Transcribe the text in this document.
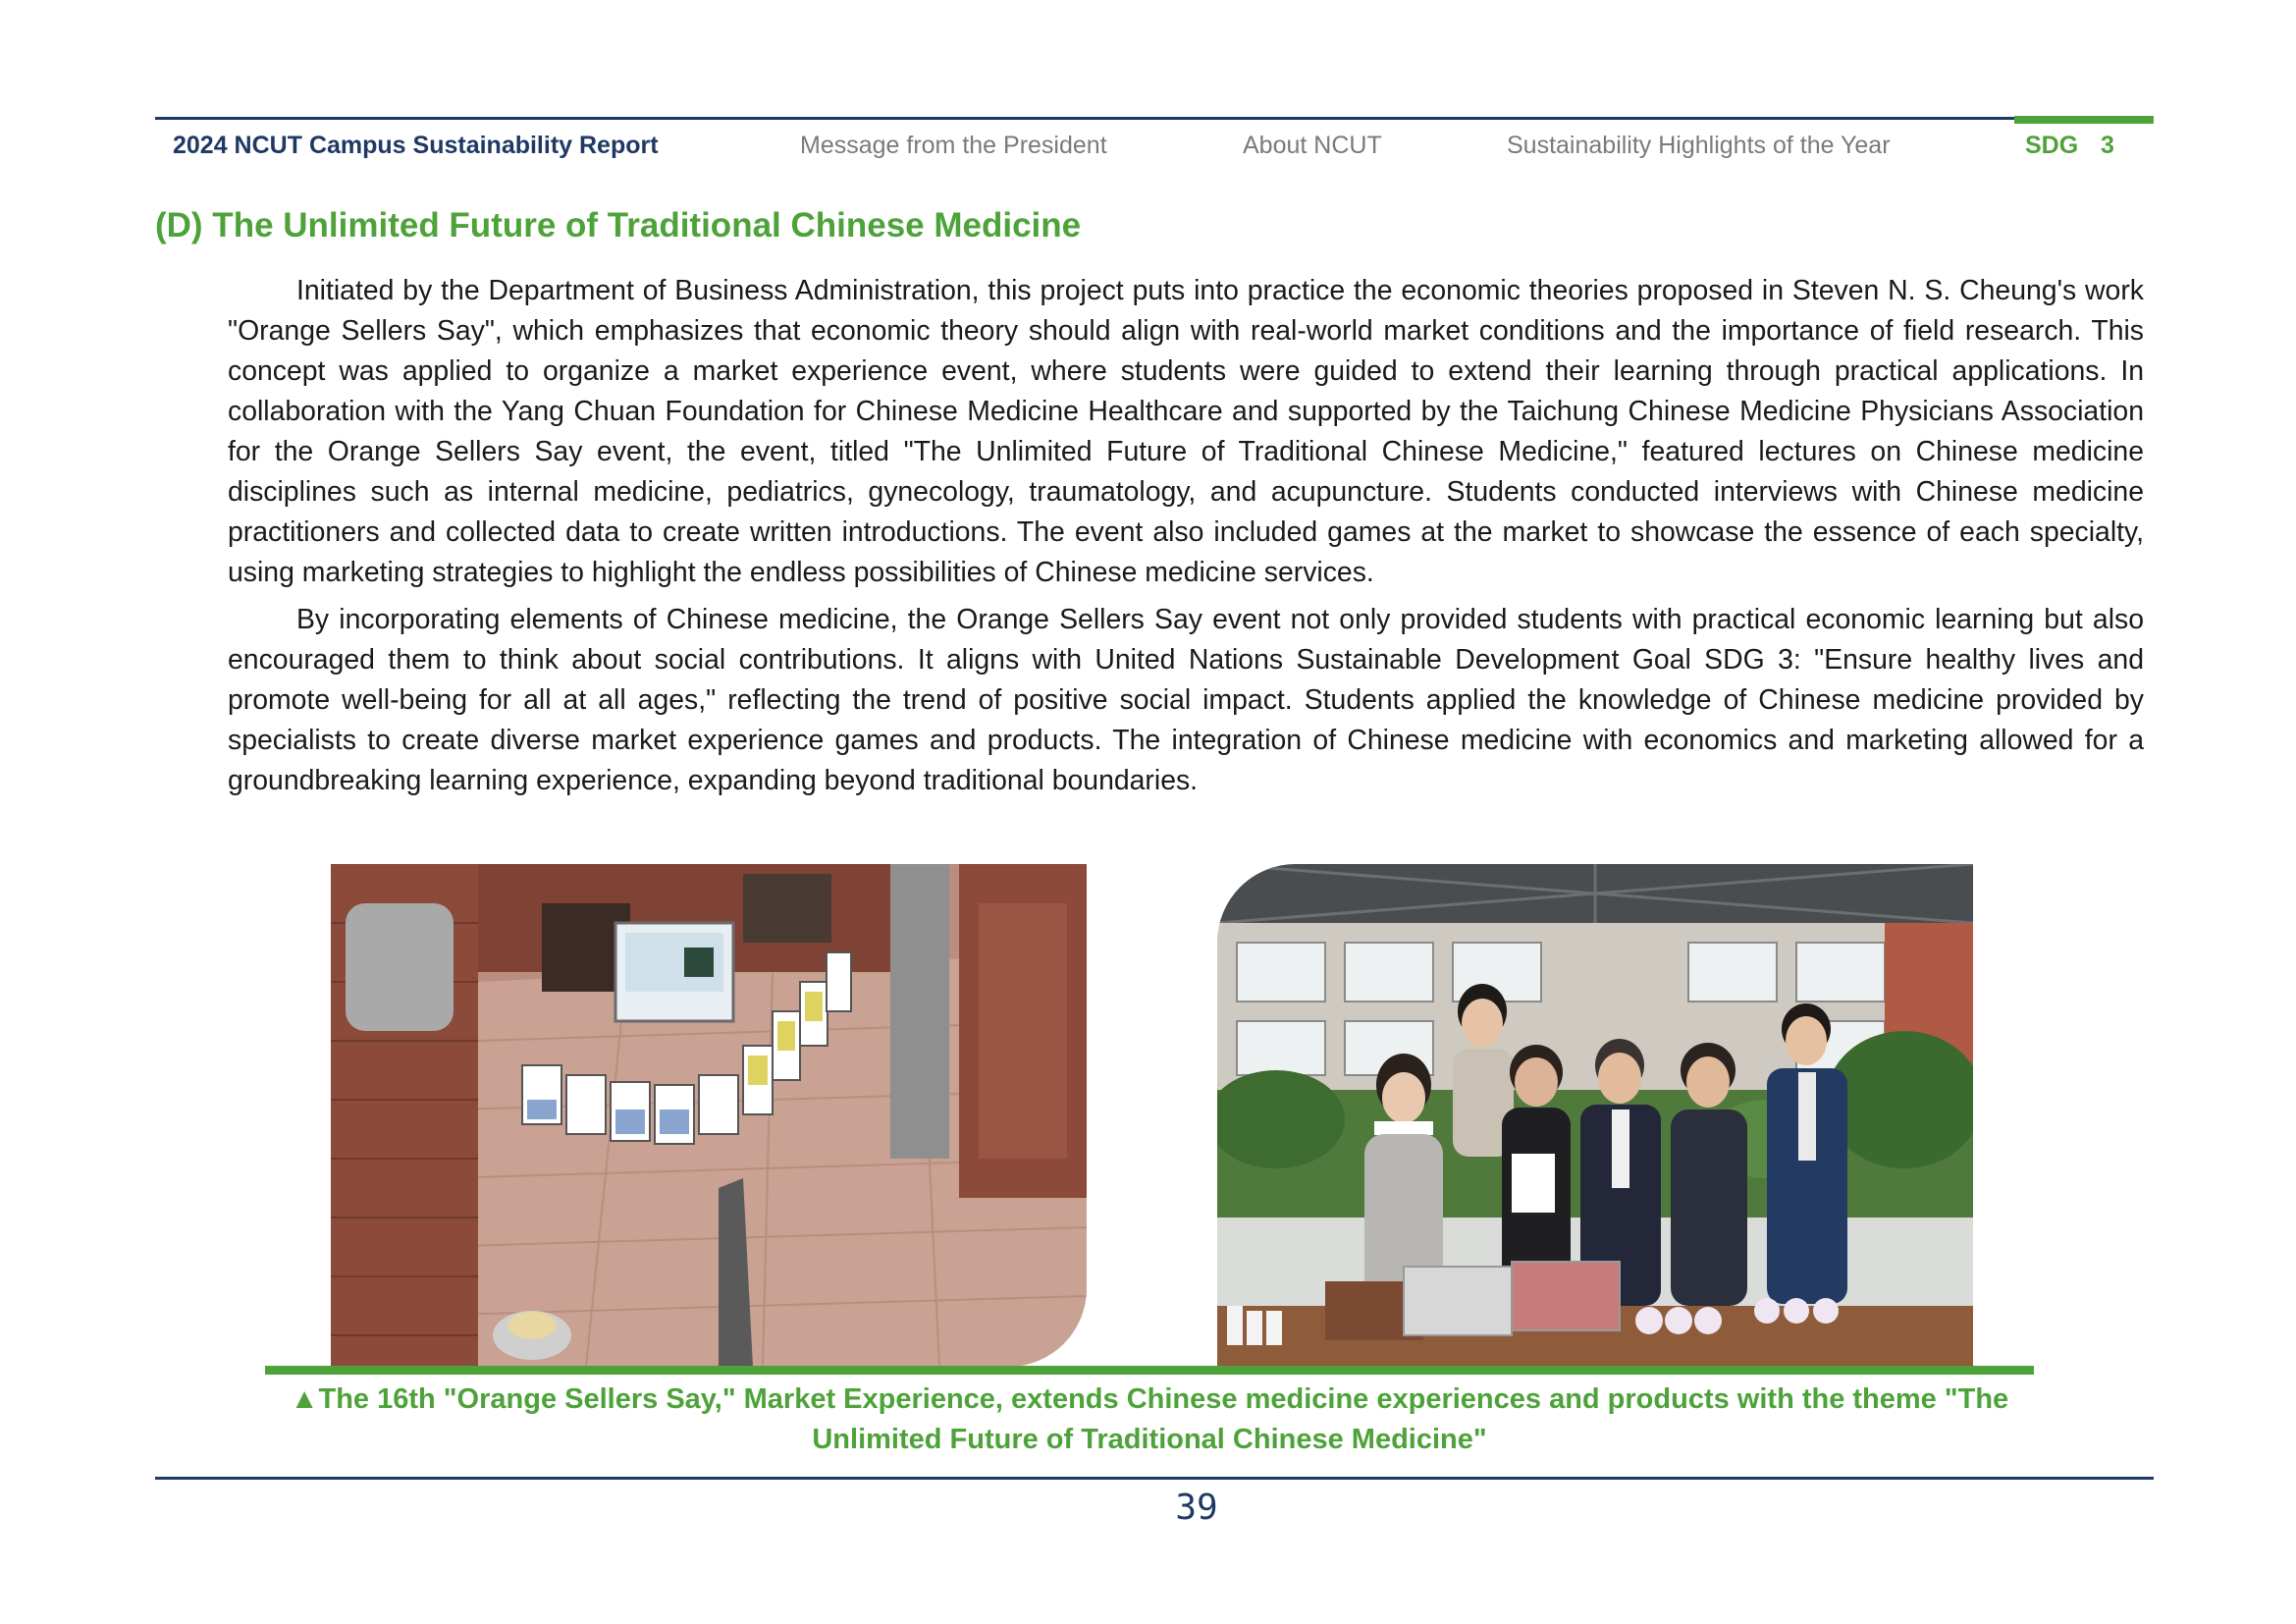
2024 NCUT Campus Sustainability Report	Message from the President	About NCUT	Sustainability Highlights of the Year	SDG 3
(D) The Unlimited Future of Traditional Chinese Medicine

Initiated by the Department of Business Administration, this project puts into practice the economic theories proposed in Steven N. S. Cheung's work "Orange Sellers Say", which emphasizes that economic theory should align with real-world market conditions and the importance of field research. This concept was applied to organize a market experience event, where students were guided to extend their learning through practical applications. In collaboration with the Yang Chuan Foundation for Chinese Medicine Healthcare and supported by the Taichung Chinese Medicine Physicians Association for the Orange Sellers Say event, the event, titled "The Unlimited Future of Traditional Chinese Medicine," featured lectures on Chinese medicine disciplines such as internal medicine, pediatrics, gynecology, traumatology, and acupuncture. Students conducted interviews with Chinese medicine practitioners and collected data to create written introductions. The event also included games at the market to showcase the essence of each specialty, using marketing strategies to highlight the endless possibilities of Chinese medicine services.

By incorporating elements of Chinese medicine, the Orange Sellers Say event not only provided students with practical economic learning but also encouraged them to think about social contributions. It aligns with United Nations Sustainable Development Goal SDG 3: "Ensure healthy lives and promote well-being for all at all ages," reflecting the trend of positive social impact. Students applied the knowledge of Chinese medicine provided by specialists to create diverse market experience games and products. The integration of Chinese medicine with economics and marketing allowed for a groundbreaking learning experience, expanding beyond traditional boundaries.

▲The 16th "Orange Sellers Say," Market Experience, extends Chinese medicine experiences and products with the theme "The Unlimited Future of Traditional Chinese Medicine"
39
